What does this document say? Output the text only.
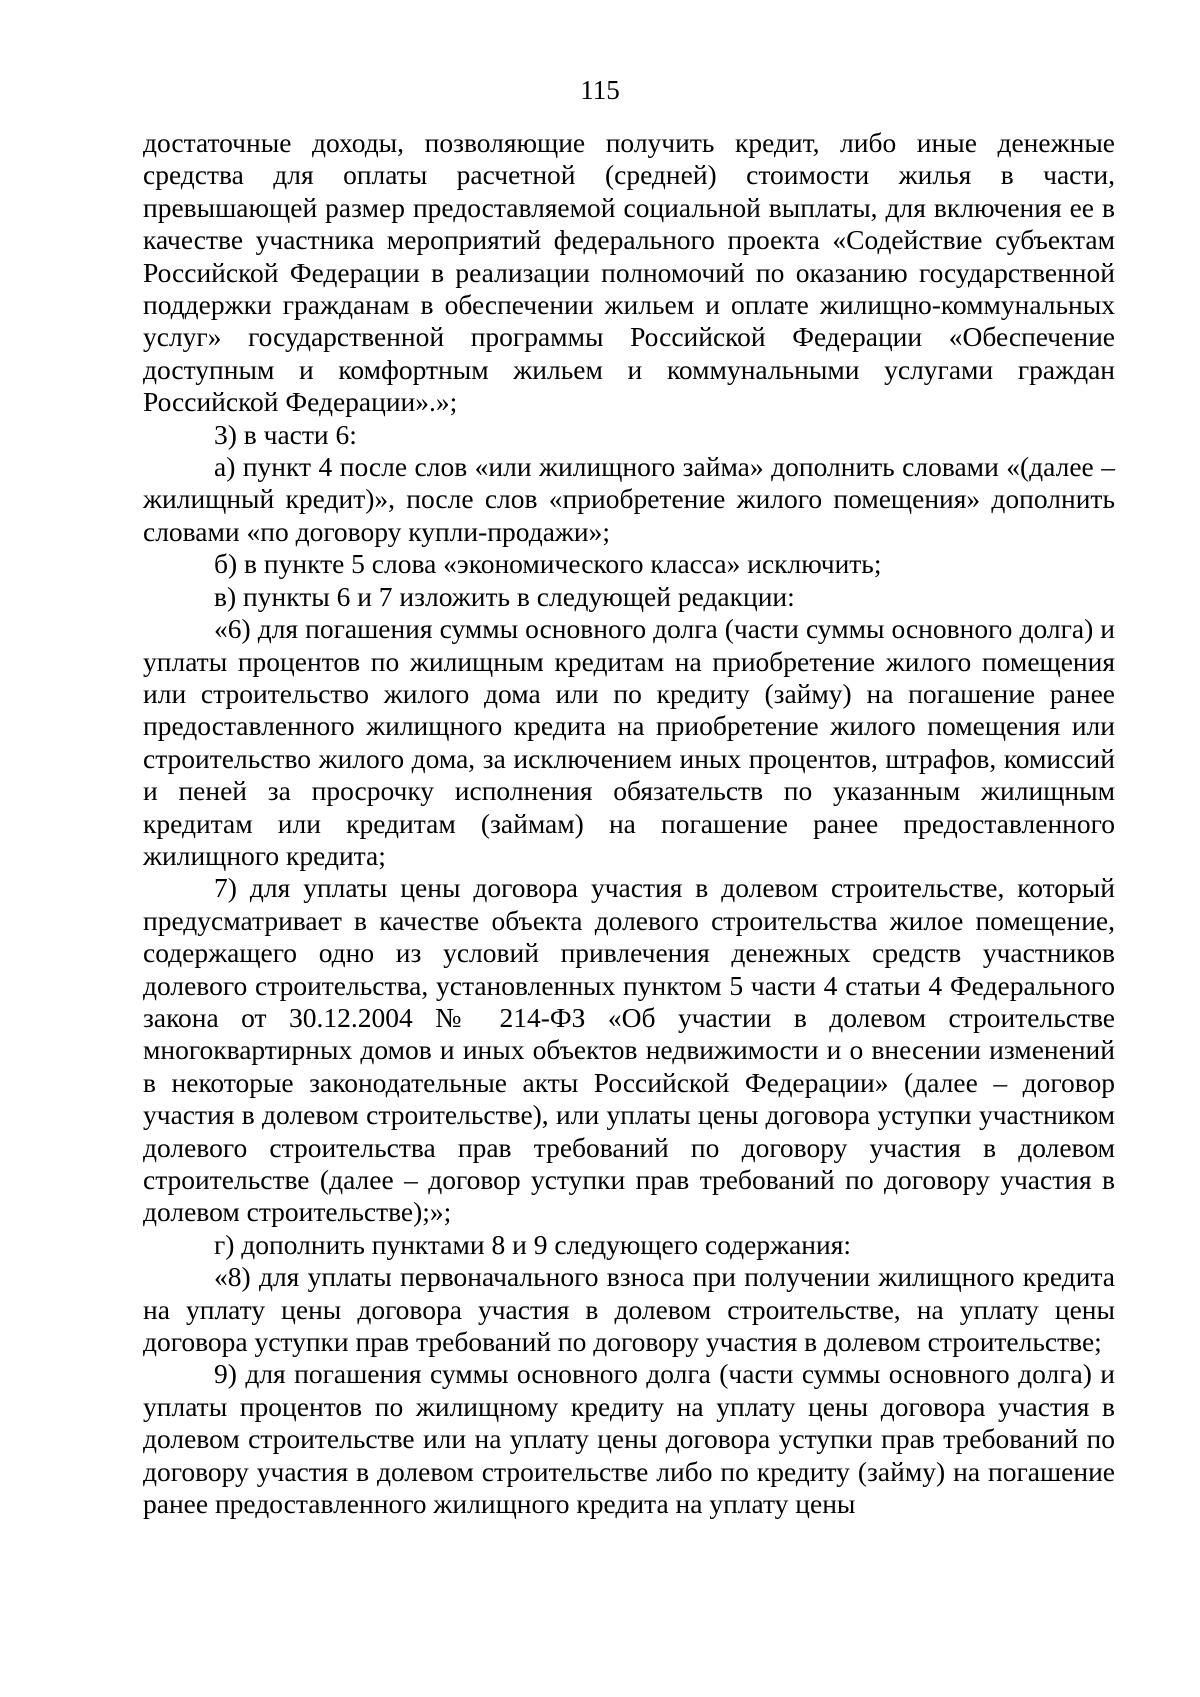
115

достаточные доходы, позволяющие получить кредит, либо иные денежные средства для оплаты расчетной (средней) стоимости жилья в части, превышающей размер предоставляемой социальной выплаты, для включения ее в качестве участника мероприятий федерального проекта «Содействие субъектам Российской Федерации в реализации полномочий по оказанию государственной поддержки гражданам в обеспечении жильем и оплате жилищно-коммунальных услуг» государственной программы Российской Федерации «Обеспечение доступным и комфортным жильем и коммунальными услугами граждан Российской Федерации».»;

3) в части 6:

а) пункт 4 после слов «или жилищного займа» дополнить словами «(далее – жилищный кредит)», после слов «приобретение жилого помещения» дополнить словами «по договору купли-продажи»;

б) в пункте 5 слова «экономического класса» исключить;

в) пункты 6 и 7 изложить в следующей редакции:

«6) для погашения суммы основного долга (части суммы основного долга) и уплаты процентов по жилищным кредитам на приобретение жилого помещения или строительство жилого дома или по кредиту (займу) на погашение ранее предоставленного жилищного кредита на приобретение жилого помещения или строительство жилого дома, за исключением иных процентов, штрафов, комиссий и пеней за просрочку исполнения обязательств по указанным жилищным кредитам или кредитам (займам) на погашение ранее предоставленного жилищного кредита;

7) для уплаты цены договора участия в долевом строительстве, который предусматривает в качестве объекта долевого строительства жилое помещение, содержащего одно из условий привлечения денежных средств участников долевого строительства, установленных пунктом 5 части 4 статьи 4 Федерального закона от 30.12.2004 № 214-ФЗ «Об участии в долевом строительстве многоквартирных домов и иных объектов недвижимости и о внесении изменений в некоторые законодательные акты Российской Федерации» (далее – договор участия в долевом строительстве), или уплаты цены договора уступки участником долевого строительства прав требований по договору участия в долевом строительстве (далее – договор уступки прав требований по договору участия в долевом строительстве);»;

г) дополнить пунктами 8 и 9 следующего содержания:

«8) для уплаты первоначального взноса при получении жилищного кредита на уплату цены договора участия в долевом строительстве, на уплату цены договора уступки прав требований по договору участия в долевом строительстве;

9) для погашения суммы основного долга (части суммы основного долга) и уплаты процентов по жилищному кредиту на уплату цены договора участия в долевом строительстве или на уплату цены договора уступки прав требований по договору участия в долевом строительстве либо по кредиту (займу) на погашение ранее предоставленного жилищного кредита на уплату цены
